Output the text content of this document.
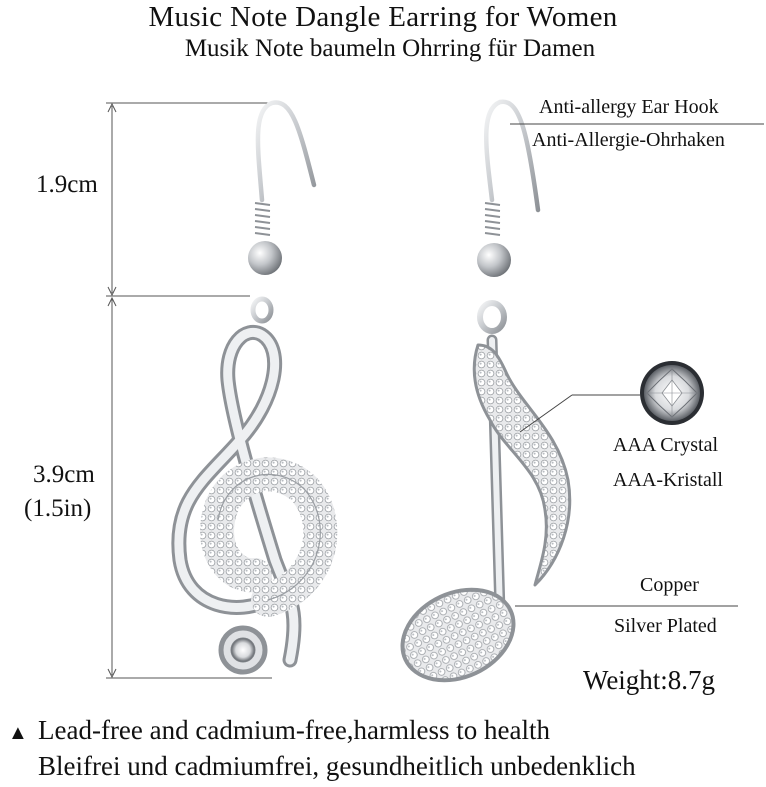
Music Note Dangle Earring for Women
Musik Note baumeln Ohrring für Damen
1.9cm
3.9cm
(1.5in)
Anti-allergy Ear Hook
Anti-Allergie-Ohrhaken
AAA Crystal
AAA-Kristall
Copper
Silver Plated
Weight:8.7g
▲ Lead-free and cadmium-free,harmless to health
Bleifrei und cadmiumfrei, gesundheitlich unbedenklich
